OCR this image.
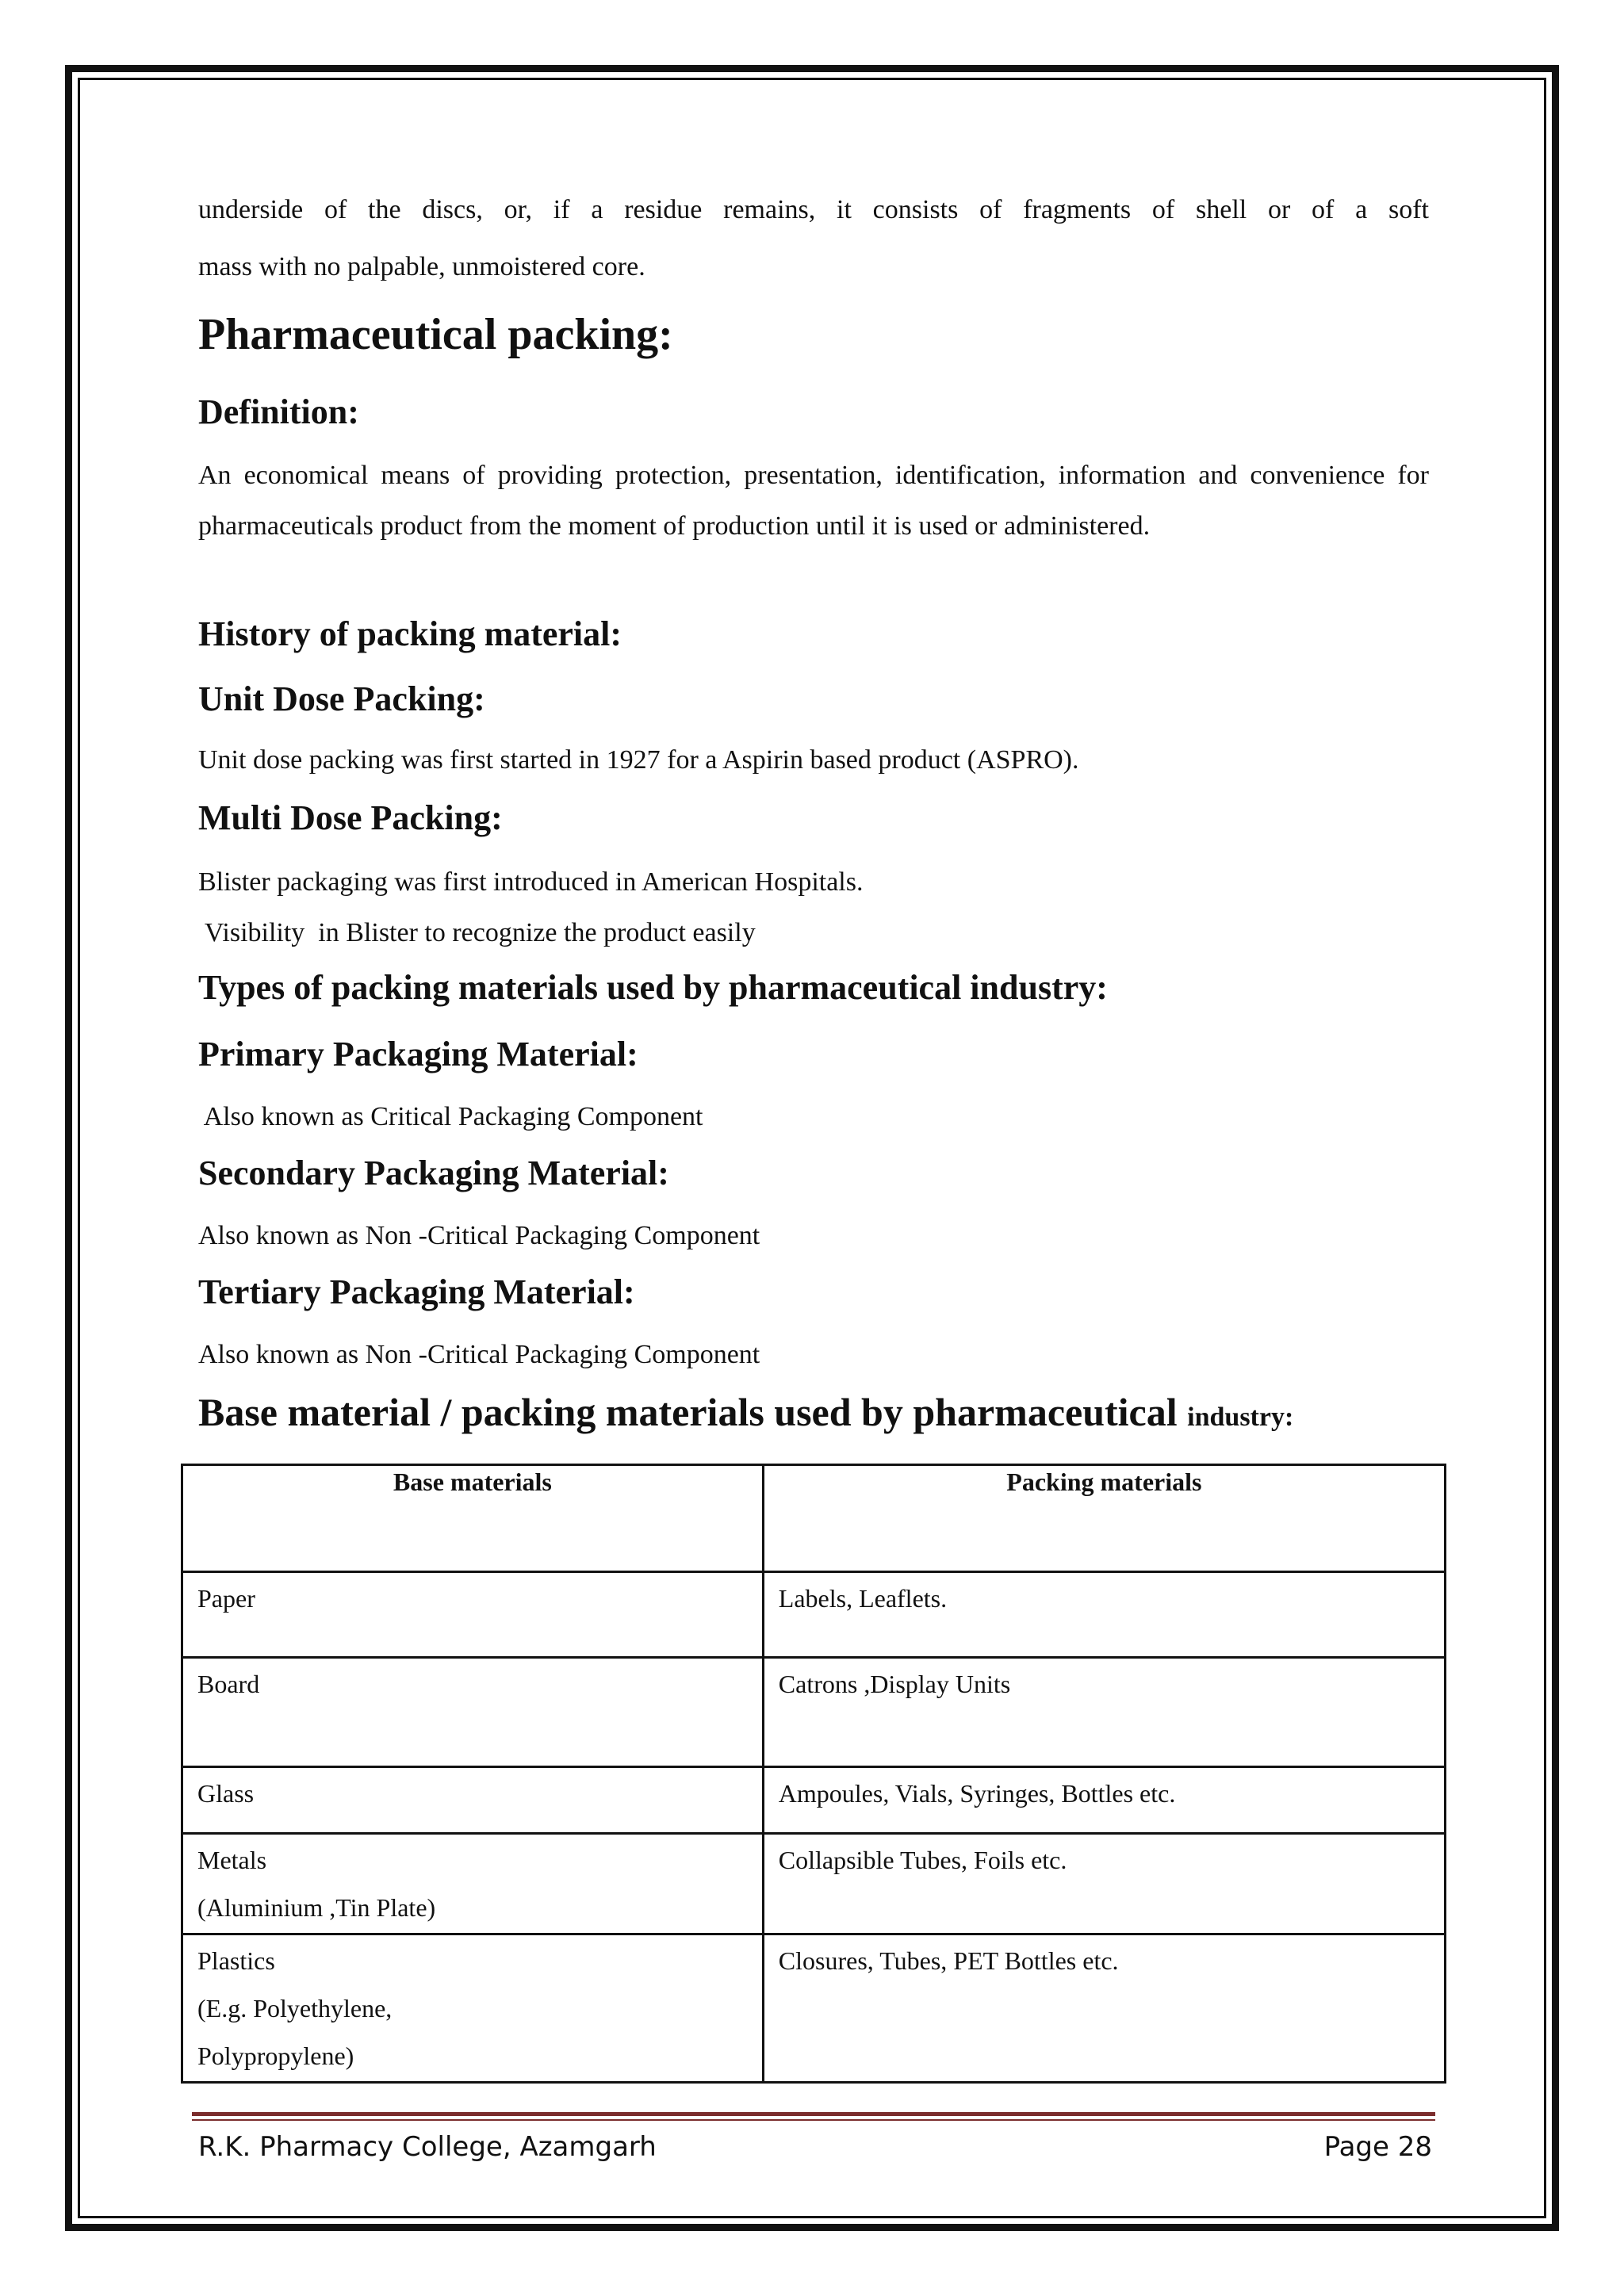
underside of the discs, or, if a residue remains, it consists of fragments of shell or of a soft

mass with no palpable, unmoistered core.

Pharmaceutical packing:
Definition:

An economical means of providing protection, presentation, identification, information and convenience for pharmaceuticals product from the moment of production until it is used or administered.

History of packing material:
Unit Dose Packing:

Unit dose packing was first started in 1927 for a Aspirin based product (ASPRO).

Multi Dose Packing:

Blister packaging was first introduced in American Hospitals.

Visibility  in Blister to recognize the product easily

Types of packing materials used by pharmaceutical industry:
Primary Packaging Material:

Also known as Critical Packaging Component

Secondary Packaging Material:

Also known as Non -Critical Packaging Component

Tertiary Packaging Material:

Also known as Non -Critical Packaging Component

Base material / packing materials used by pharmaceutical industry:
Base materials	Packing materials
Paper	Labels, Leaflets.
Board	Catrons ,Display Units
Glass	Ampoules, Vials, Syringes, Bottles etc.

Metals
(Aluminium ,Tin Plate)	Collapsible Tubes, Foils etc.

Plastics
(E.g. Polyethylene,
Polypropylene)	Closures, Tubes, PET Bottles etc.
R.K. Pharmacy College, Azamgarh	Page 28
